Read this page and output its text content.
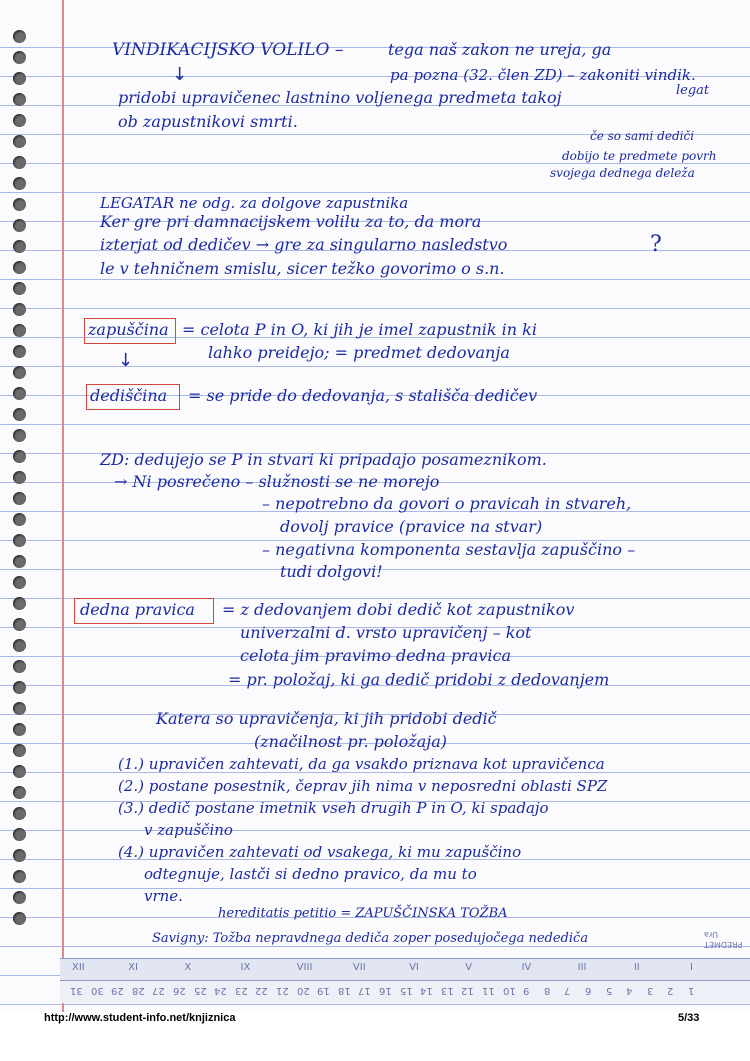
VINDIKACIJSKO VOLILO –	tega naš zakon ne ureja, ga
↓	pa pozna (32. člen ZD) – zakoniti vindik.
legat
pridobi upravičenec lastnino voljenega predmeta takoj
ob zapustnikovi smrti.
če so sami dediči
dobijo te predmete povrh
svojega dednega deleža
LEGATAR ne odg. za dolgove zapustnika
Ker gre pri damnacijskem volilu za to, da mora
izterjat od dedičev → gre za singularno nasledstvo	?
le v tehničnem smislu, sicer težko govorimo o s.n.
zapuščina = celota P in O, ki jih je imel zapustnik in ki
lahko preidejo; = predmet dedovanja
↓
dediščina = se pride do dedovanja, s stališča dedičev
ZD: dedujejo se P in stvari ki pripadajo posameznikom.
→ Ni posrečeno – služnosti se ne morejo
– nepotrebno da govori o pravicah in stvareh,
dovolj pravice (pravice na stvar)
– negativna komponenta sestavlja zapuščino –
tudi dolgovi!
dedna pravica = z dedovanjem dobi dedič kot zapustnikov
univerzalni d. vrsto upravičenj – kot
celota jim pravimo dedna pravica
= pr. položaj, ki ga dedič pridobi z dedovanjem
Katera so upravičenja, ki jih pridobi dedič
(značilnost pr. položaja)
(1.) upravičen zahtevati, da ga vsakdo priznava kot upravičenca
(2.) postane posestnik, čeprav jih nima v neposredni oblasti SPZ
(3.) dedič postane imetnik vseh drugih P in O, ki spadajo
v zapuščino
(4.) upravičen zahtevati od vsakega, ki mu zapuščino
odtegnuje, lastči si dedno pravico, da mu to
vrne.
hereditatis petitio = ZAPUŠČINSKA TOŽBA
Savigny: Tožba nepravdnega dediča zoper posedujočega nedediča	PREDMET
Ura
XII	XI	X	IX	VIII	VII	VI	V	IV	III	II	I
31 30 29 28 27 26 25 24 23 22 21 20 19 18 17 16 15 14 13 12 11 10 9 8 7 6 5 4 3 2 1
http://www.student-info.net/knjiznica	5/33
